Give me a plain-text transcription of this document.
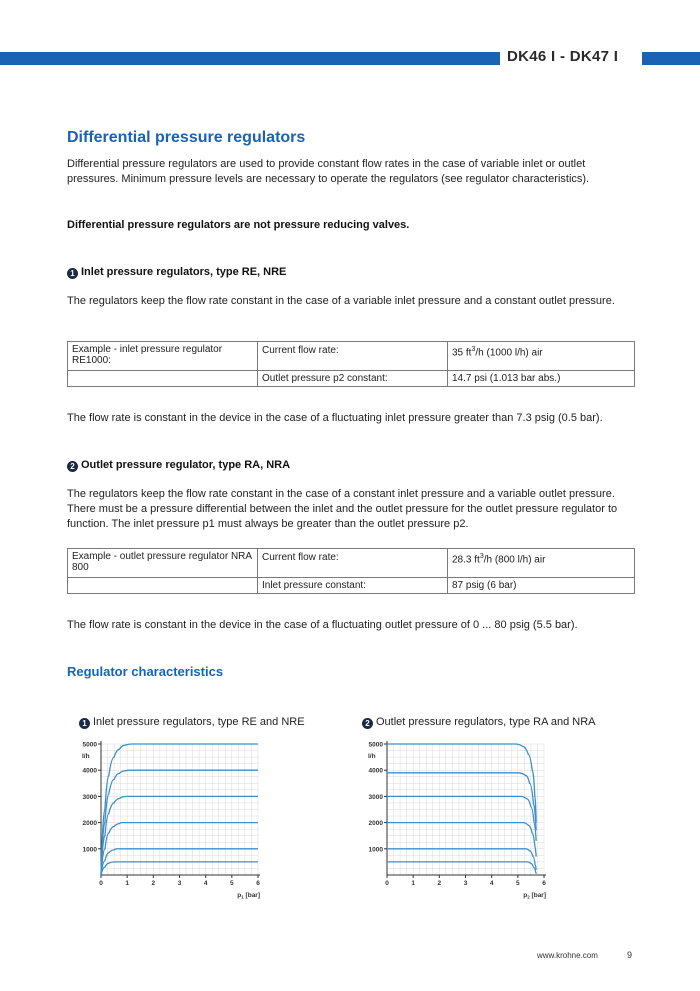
DK46 I - DK47 I
Differential pressure regulators
Differential pressure regulators are used to provide constant flow rates in the case of variable inlet or outlet pressures. Minimum pressure levels are necessary to operate the regulators (see regulator characteristics).
Differential pressure regulators are not pressure reducing valves.
1 Inlet pressure regulators, type RE, NRE
The regulators keep the flow rate constant in the case of a variable inlet pressure and a constant outlet pressure.
Example - inlet pressure regulator RE1000:	Current flow rate:	35 $ft^3/h$ (1000 l/h) air
	Outlet pressure p2 constant:	14.7 psi (1.013 bar abs.)
The flow rate is constant in the device in the case of a fluctuating inlet pressure greater than 7.3 psig (0.5 bar).
2 Outlet pressure regulator, type RA, NRA
The regulators keep the flow rate constant in the case of a constant inlet pressure and a variable outlet pressure. There must be a pressure differential between the inlet and the outlet pressure for the outlet pressure regulator to function. The inlet pressure p1 must always be greater than the outlet pressure p2.
Example - outlet pressure regulator NRA 800	Current flow rate:	28.3 $ft^3/h$ (800 l/h) air
	Inlet pressure constant:	87 psig (6 bar)
The flow rate is constant in the device in the case of a fluctuating outlet pressure of 0 ... 80 psig (5.5 bar).
Regulator characteristics
1 Inlet pressure regulators, type RE and NRE	2 Outlet pressure regulators, type RA and NRA
1000
2000
3000
4000
5000
l/h
0	1	2	3	4	5	6
$p_1$ [bar]
1000
2000
3000
4000
5000
l/h
0	1	2	3	4	5	6
$p_2$ [bar]
www.krohne.com	9
